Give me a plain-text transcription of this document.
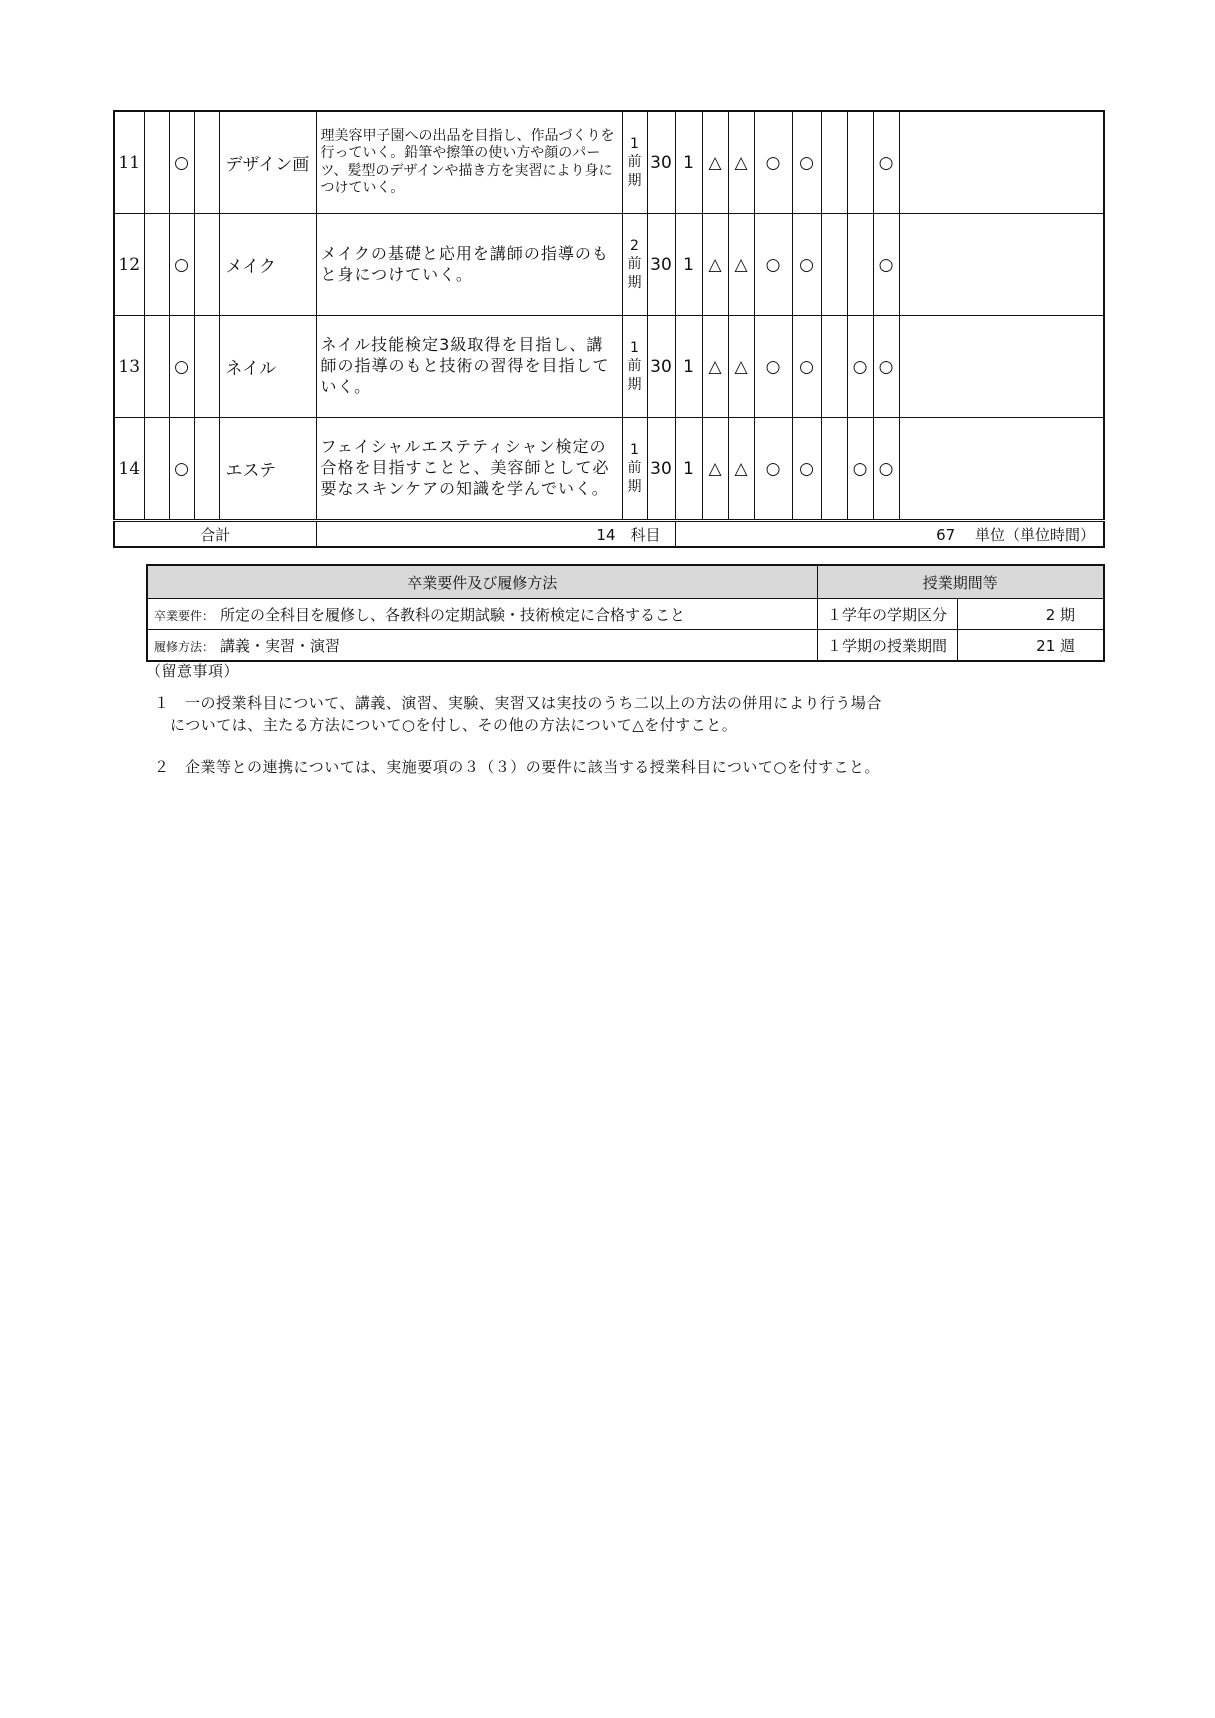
11		○		デザイン画	理美容甲子園への出品を目指し、作品づくりを行っていく。鉛筆や擦筆の使い方や顔のパーツ、髪型のデザインや描き方を実習により身につけていく。	1前期	30	1	△	△	○	○			○	
12		○		メイク	メイクの基礎と応用を講師の指導のもと身につけていく。	2前期	30	1	△	△	○	○			○	
13		○		ネイル	ネイル技能検定3級取得を目指し、講師の指導のもと技術の習得を目指していく。	1前期	30	1	△	△	○	○		○	○	
14		○		エステ	フェイシャルエステティシャン検定の合格を目指すことと、美容師として必要なスキンケアの知識を学んでいく。	1前期	30	1	△	△	○	○		○	○	
合計					14　科目			67　 単位（単位時間）								
卒業要件及び履修方法	授業期間等	
卒業要件： 所定の全科目を履修し、各教科の定期試験・技術検定に合格すること	１学年の学期区分	2 期
履修方法： 講義・実習・演習	１学期の授業期間	21 週
（留意事項）
１　一の授業科目について、講義、演習、実験、実習又は実技のうち二以上の方法の併用により行う場合
については、主たる方法について○を付し、その他の方法について△を付すこと。
２　企業等との連携については、実施要項の３（３）の要件に該当する授業科目について○を付すこと。
